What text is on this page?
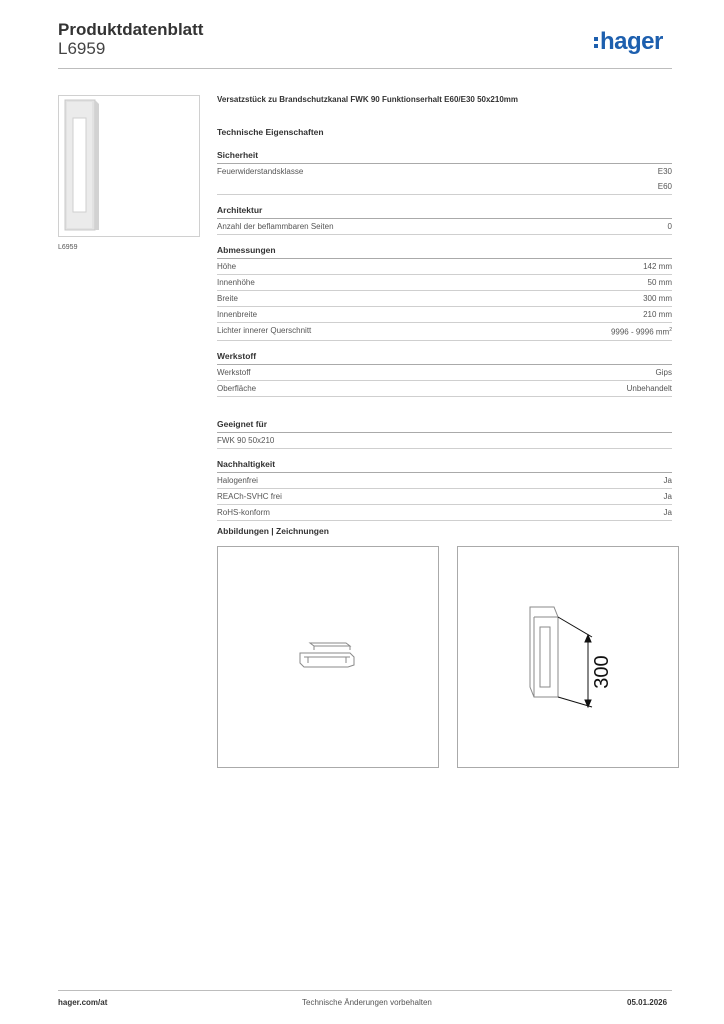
Produktdatenblatt
L6959	hager
L6959
Versatzstück zu Brandschutzkanal FWK 90 Funktionserhalt E60/E30 50x210mm
Technische Eigenschaften
Sicherheit
Feuerwiderstandsklasse	E30
E60
Architektur
Anzahl der beflammbaren Seiten	0
Abmessungen
Höhe	142 mm
Innenhöhe	50 mm
Breite	300 mm
Innenbreite	210 mm
Lichter innerer Querschnitt	9996 - 9996 $mm^2$
Werkstoff
Werkstoff	Gips
Oberfläche	Unbehandelt
Geeignet für
FWK 90 50x210
Nachhaltigkeit
Halogenfrei	Ja
REACh-SVHC frei	Ja
RoHS-konform	Ja
Abbildungen | Zeichnungen
300
hager.com/at	Technische Änderungen vorbehalten	05.01.2026
